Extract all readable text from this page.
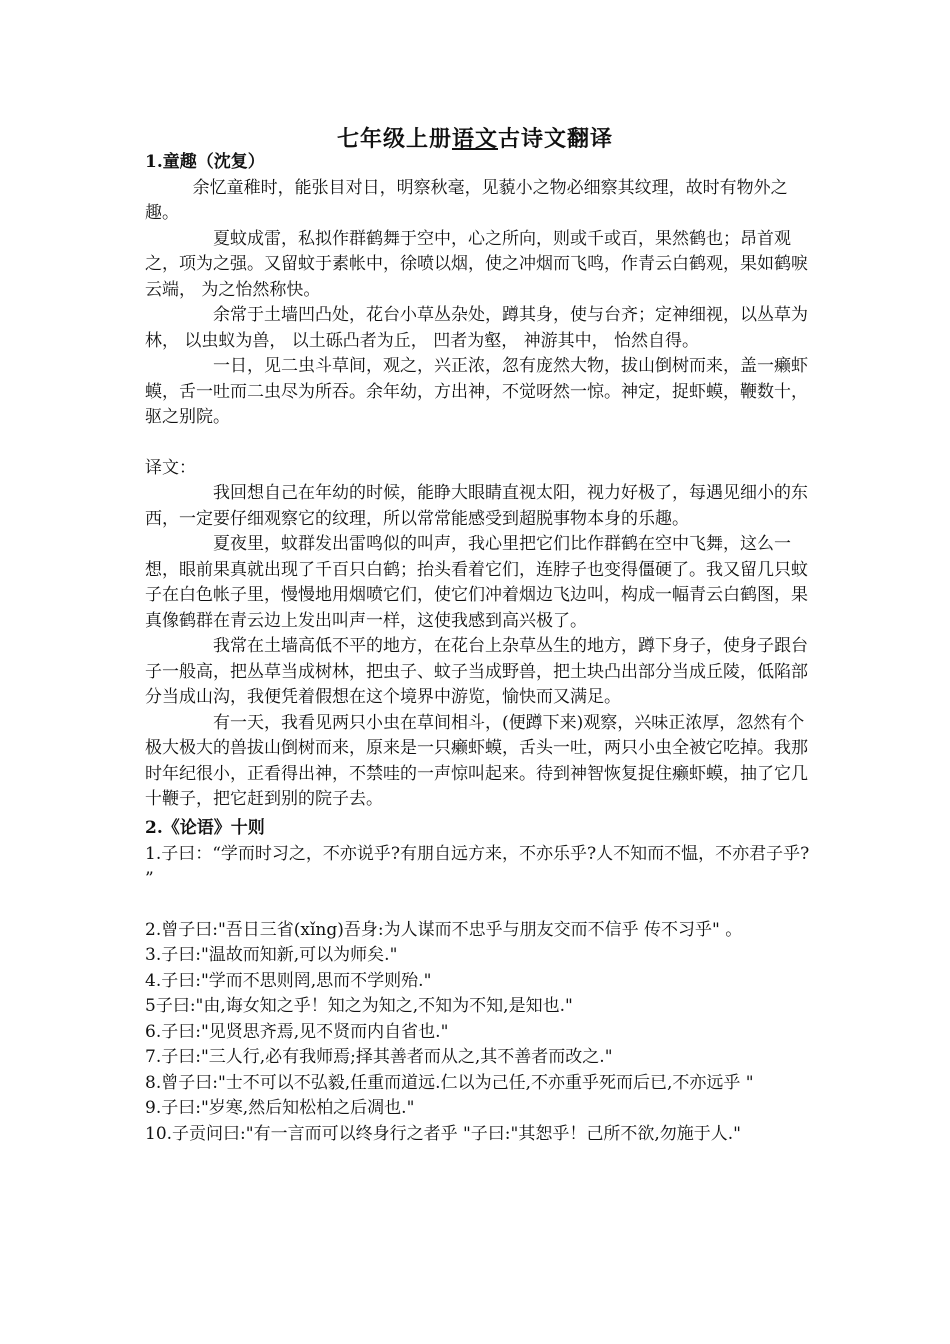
七年级上册语文古诗文翻译

1.童趣（沈复）

余忆童稚时，能张目对日，明察秋毫，见藐小之物必细察其纹理，故时有物外之趣。

夏蚊成雷，私拟作群鹤舞于空中，心之所向，则或千或百，果然鹤也；昂首观之，项为之强。又留蚊于素帐中，徐喷以烟，使之冲烟而飞鸣，作青云白鹤观，果如鹤唳云端， 为之怡然称快。

余常于土墙凹凸处，花台小草丛杂处，蹲其身，使与台齐；定神细视，以丛草为林， 以虫蚁为兽， 以土砾凸者为丘， 凹者为壑， 神游其中， 怡然自得。

一日，见二虫斗草间，观之，兴正浓，忽有庞然大物，拔山倒树而来，盖一癞虾蟆，舌一吐而二虫尽为所吞。余年幼，方出神，不觉呀然一惊。神定，捉虾蟆，鞭数十， 驱之别院。

译文：

我回想自己在年幼的时候，能睁大眼睛直视太阳，视力好极了，每遇见细小的东西，一定要仔细观察它的纹理，所以常常能感受到超脱事物本身的乐趣。

夏夜里，蚊群发出雷鸣似的叫声，我心里把它们比作群鹤在空中飞舞，这么一想，眼前果真就出现了千百只白鹤；抬头看着它们，连脖子也变得僵硬了。我又留几只蚊子在白色帐子里，慢慢地用烟喷它们，使它们冲着烟边飞边叫，构成一幅青云白鹤图，果真像鹤群在青云边上发出叫声一样，这使我感到高兴极了。

我常在土墙高低不平的地方，在花台上杂草丛生的地方，蹲下身子，使身子跟台子一般高，把丛草当成树林，把虫子、蚊子当成野兽，把土块凸出部分当成丘陵，低陷部分当成山沟，我便凭着假想在这个境界中游览，愉快而又满足。

有一天，我看见两只小虫在草间相斗，(便蹲下来)观察，兴味正浓厚，忽然有个极大极大的兽拔山倒树而来，原来是一只癞虾蟆，舌头一吐，两只小虫全被它吃掉。我那时年纪很小，正看得出神，不禁哇的一声惊叫起来。待到神智恢复捉住癞虾蟆，抽了它几十鞭子，把它赶到别的院子去。

2.《论语》十则

1.子曰：“学而时习之，不亦说乎?有朋自远方来，不亦乐乎?人不知而不愠，不亦君子乎? ”

2.曾子曰:"吾日三省(xǐng)吾身:为人谋而不忠乎与朋友交而不信乎 传不习乎" 。

3.子曰:"温故而知新,可以为师矣."

4.子曰:"学而不思则罔,思而不学则殆."

5子曰:"由,诲女知之乎！知之为知之,不知为不知,是知也."

6.子曰:"见贤思齐焉,见不贤而内自省也."

7.子曰:"三人行,必有我师焉;择其善者而从之,其不善者而改之."

8.曾子曰:"士不可以不弘毅,任重而道远.仁以为己任,不亦重乎死而后已,不亦远乎 "

9.子曰:"岁寒,然后知松柏之后凋也."

10.子贡问曰:"有一言而可以终身行之者乎 "子曰:"其恕乎！己所不欲,勿施于人."
